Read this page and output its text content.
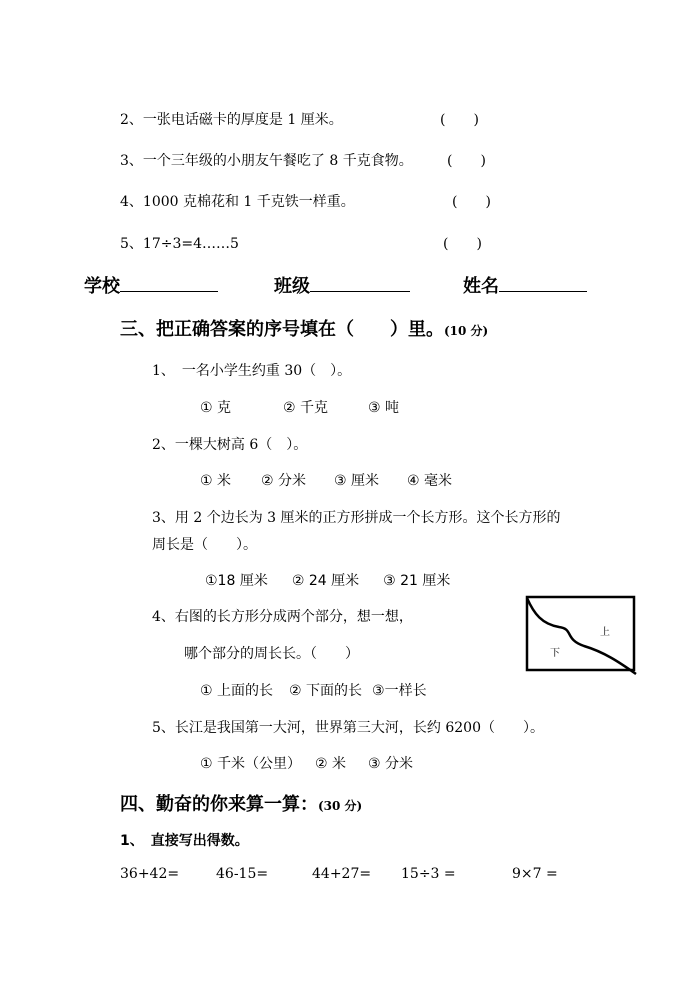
2、一张电话磁卡的厚度是 1 厘米。	(　　)
3、一个三年级的小朋友午餐吃了 8 千克食物。 (　　)
4、1000 克棉花和 1 千克铁一样重。	(　　)
5、17÷3=4……5	(　　)
学校	班级	姓名
三、把正确答案的序号填在（　　）里。(10 分)
1、　一名小学生约重 30（　）。
① 克	② 千克	③ 吨
2、一棵大树高 6（　）。
① 米 ② 分米 ③ 厘米 ④ 毫米
3、用 2 个边长为 3 厘米的正方形拼成一个长方形。这个长方形的
周长是（　　）。
①18 厘米 ② 24 厘米 ③ 21 厘米
4、右图的长方形分成两个部分，想一想，
哪个部分的周长长。（　　）
① 上面的长 ② 下面的长 ③一样长
上
下
5、长江是我国第一大河，世界第三大河，长约 6200（　　）。
① 千米（公里） ② 米 ③ 分米
四、勤奋的你来算一算：(30 分)
1、　直接写出得数。
36+42=	46-15=	44+27= 15÷3 =	9×7 =
